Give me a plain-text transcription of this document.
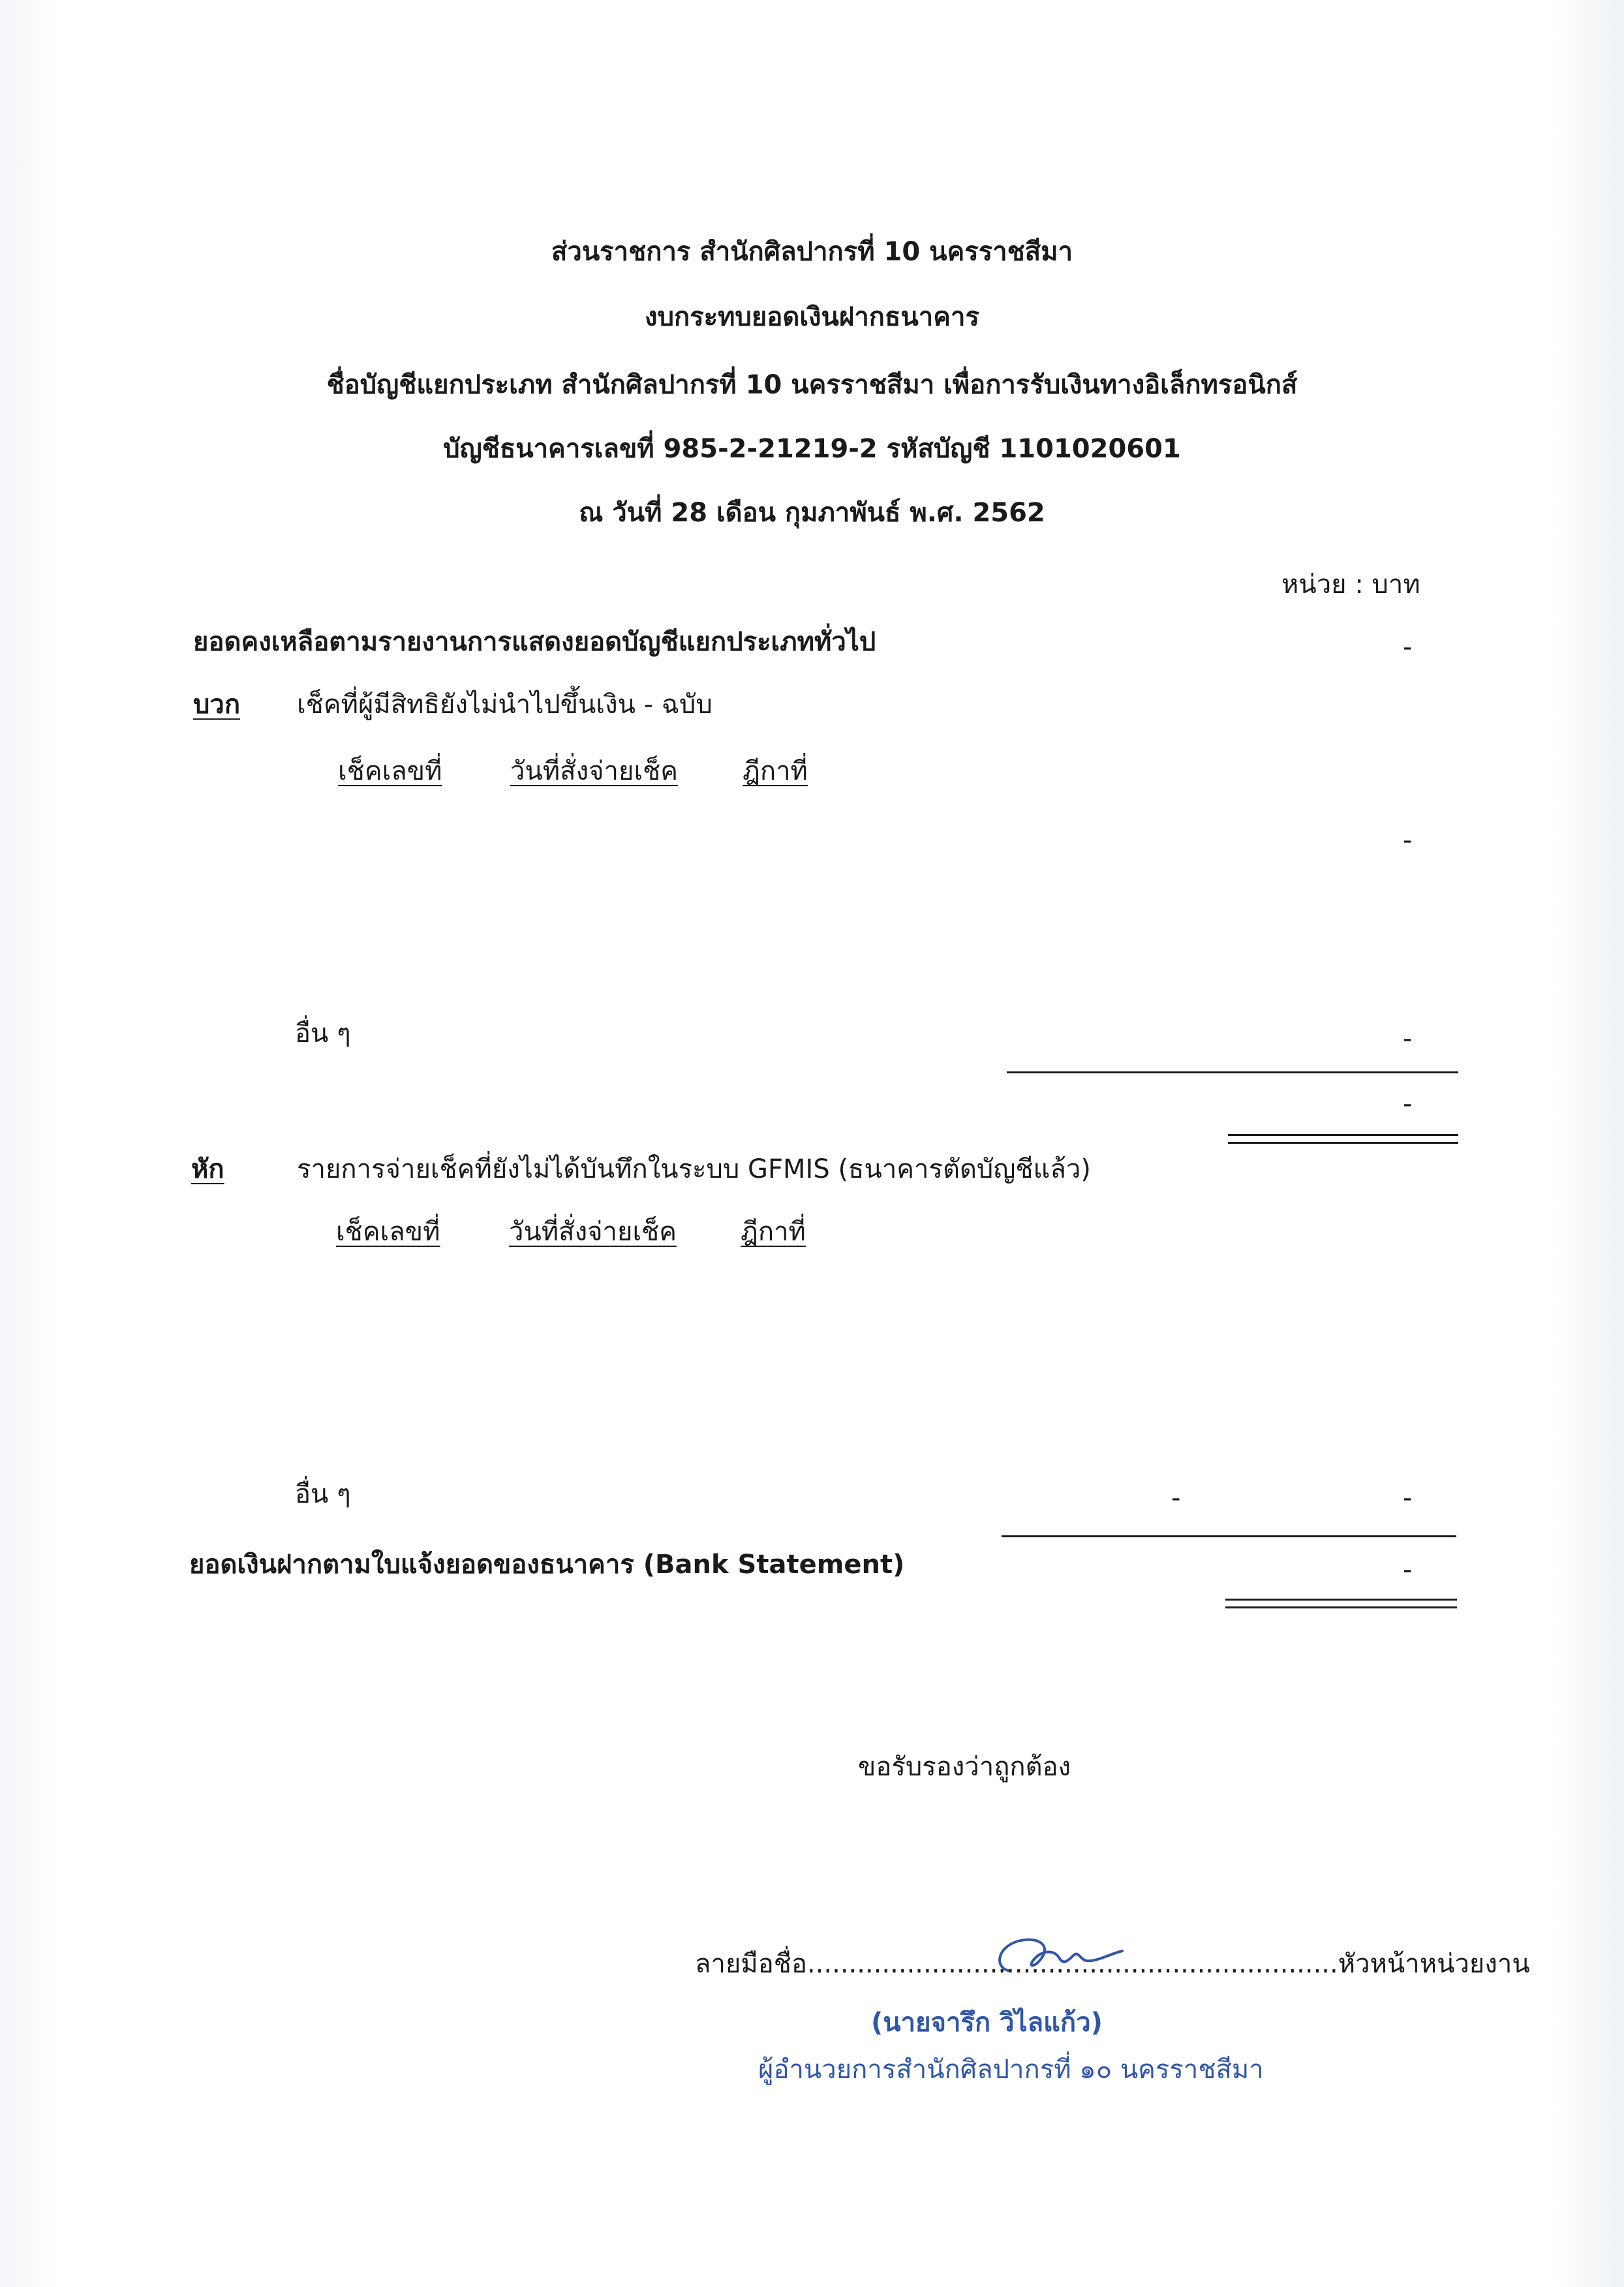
ส่วนราชการ สำนักศิลปากรที่ 10 นครราชสีมา
งบกระทบยอดเงินฝากธนาคาร
ชื่อบัญชีแยกประเภท สำนักศิลปากรที่ 10 นครราชสีมา เพื่อการรับเงินทางอิเล็กทรอนิกส์
บัญชีธนาคารเลขที่ 985-2-21219-2 รหัสบัญชี 1101020601
ณ วันที่ 28 เดือน กุมภาพันธ์ พ.ศ. 2562
หน่วย : บาท
ยอดคงเหลือตามรายงานการแสดงยอดบัญชีแยกประเภททั่วไป	-
บวก เช็คที่ผู้มีสิทธิยังไม่นำไปขึ้นเงิน - ฉบับ
เช็คเลขที่	วันที่สั่งจ่ายเช็ค ฎีกาที่
-
อื่น ๆ	-
-
หัก	รายการจ่ายเช็คที่ยังไม่ได้บันทึกในระบบ GFMIS (ธนาคารตัดบัญชีแล้ว)
เช็คเลขที่	วันที่สั่งจ่ายเช็ค ฎีกาที่
อื่น ๆ	-	-
ยอดเงินฝากตามใบแจ้งยอดของธนาคาร (Bank Statement)	-
ขอรับรองว่าถูกต้อง
ลายมือชื่อ................................................................หัวหน้าหน่วยงาน
(นายจารึก วิไลแก้ว)
ผู้อำนวยการสำนักศิลปากรที่ ๑๐ นครราชสีมา
